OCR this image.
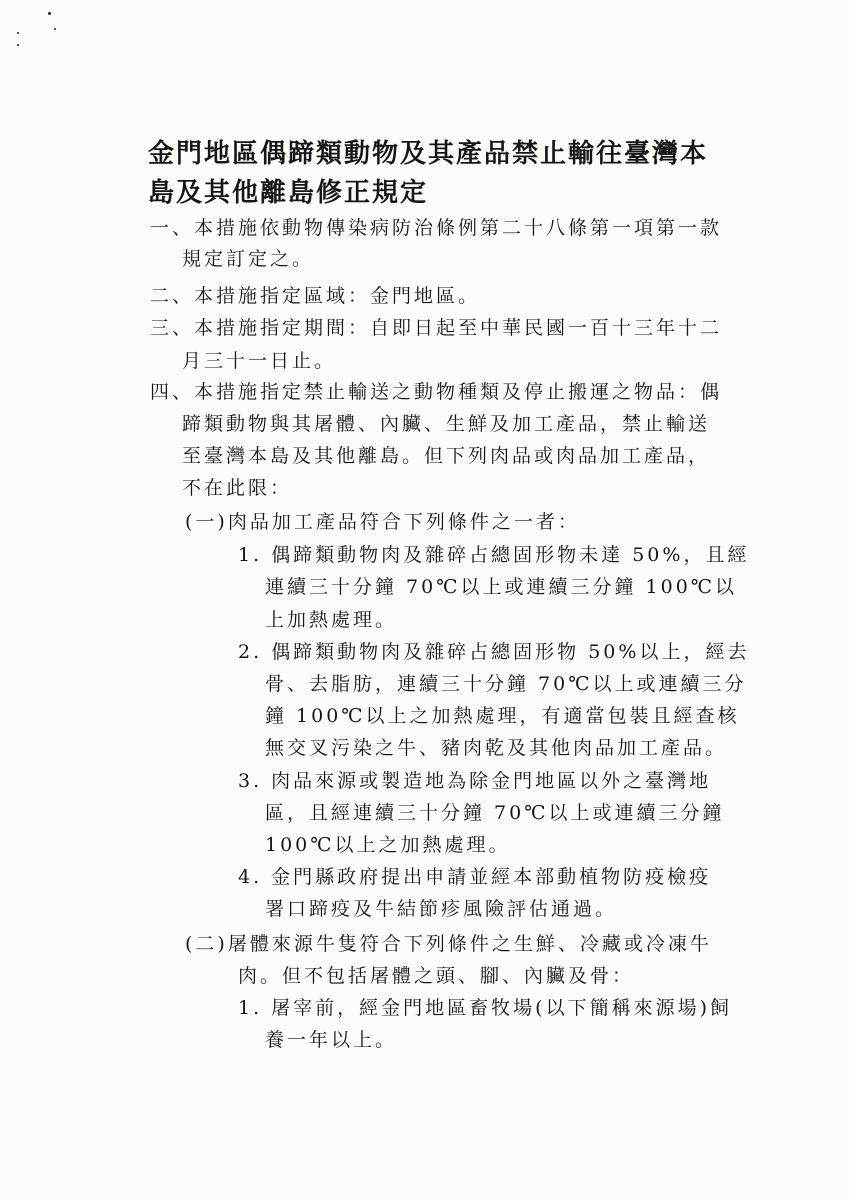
金門地區偶蹄類動物及其產品禁止輸往臺灣本
島及其他離島修正規定
一、本措施依動物傳染病防治條例第二十八條第一項第一款
規定訂定之。
二、本措施指定區域：金門地區。
三、本措施指定期間：自即日起至中華民國一百十三年十二
月三十一日止。
四、本措施指定禁止輸送之動物種類及停止搬運之物品：偶
蹄類動物與其屠體、內臟、生鮮及加工產品，禁止輸送
至臺灣本島及其他離島。但下列肉品或肉品加工產品，
不在此限：
(一)肉品加工產品符合下列條件之一者：
1. 偶蹄類動物肉及雜碎占總固形物未達 50%，且經
連續三十分鐘 70℃以上或連續三分鐘 100℃以
上加熱處理。
2. 偶蹄類動物肉及雜碎占總固形物 50%以上，經去
骨、去脂肪，連續三十分鐘 70℃以上或連續三分
鐘 100℃以上之加熱處理，有適當包裝且經查核
無交叉污染之牛、豬肉乾及其他肉品加工產品。
3. 肉品來源或製造地為除金門地區以外之臺灣地
區，且經連續三十分鐘 70℃以上或連續三分鐘
100℃以上之加熱處理。
4. 金門縣政府提出申請並經本部動植物防疫檢疫
署口蹄疫及牛結節疹風險評估通過。
(二)屠體來源牛隻符合下列條件之生鮮、冷藏或冷凍牛
肉。但不包括屠體之頭、腳、內臟及骨：
1. 屠宰前，經金門地區畜牧場(以下簡稱來源場)飼
養一年以上。
